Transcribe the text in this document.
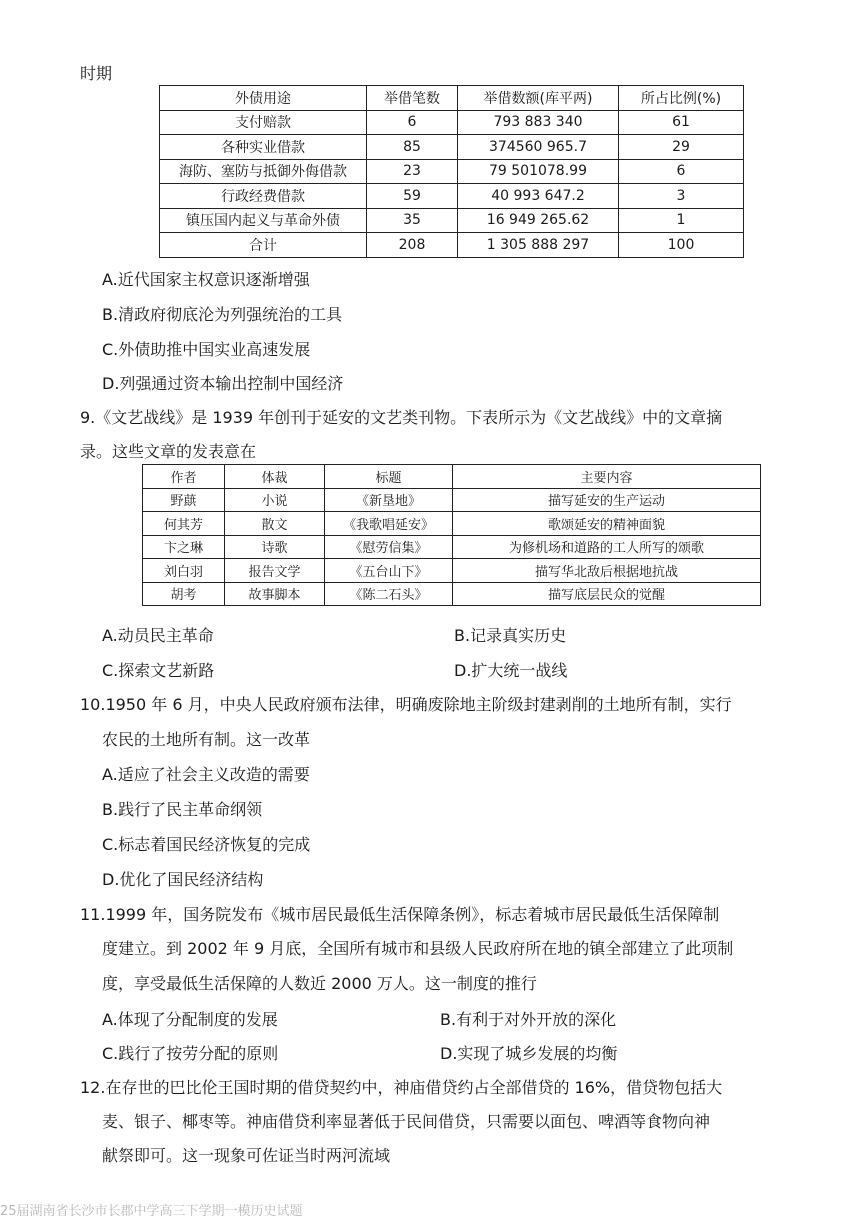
时期
外债用途	举借笔数	举借数额(库平两)	所占比例(%)
支付赔款	6	793 883 340	61
各种实业借款	85	374560 965.7	29
海防、塞防与抵御外侮借款	23	79 501078.99	6
行政经费借款	59	40 993 647.2	3
镇压国内起义与革命外债	35	16 949 265.62	1
合计	208	1 305 888 297	100
A.近代国家主权意识逐渐增强
B.清政府彻底沦为列强统治的工具
C.外债助推中国实业高速发展
D.列强通过资本输出控制中国经济
9.《文艺战线》是 1939 年创刊于延安的文艺类刊物。下表所示为《文艺战线》中的文章摘
录。这些文章的发表意在
作者	体裁	标题	主要内容
野蕻	小说	《新垦地》	描写延安的生产运动
何其芳	散文	《我歌唱延安》	歌颂延安的精神面貌
卞之琳	诗歌	《慰劳信集》	为修机场和道路的工人所写的颂歌
刘白羽	报告文学	《五台山下》	描写华北敌后根据地抗战
胡考	故事脚本	《陈二石头》	描写底层民众的觉醒
A.动员民主革命	B.记录真实历史
C.探索文艺新路	D.扩大统一战线
10.1950 年 6 月，中央人民政府颁布法律，明确废除地主阶级封建剥削的土地所有制，实行
农民的土地所有制。这一改革
A.适应了社会主义改造的需要
B.践行了民主革命纲领
C.标志着国民经济恢复的完成
D.优化了国民经济结构
11.1999 年，国务院发布《城市居民最低生活保障条例》，标志着城市居民最低生活保障制
度建立。到 2002 年 9 月底，全国所有城市和县级人民政府所在地的镇全部建立了此项制
度，享受最低生活保障的人数近 2000 万人。这一制度的推行
A.体现了分配制度的发展	B.有利于对外开放的深化
C.践行了按劳分配的原则	D.实现了城乡发展的均衡
12.在存世的巴比伦王国时期的借贷契约中，神庙借贷约占全部借贷的 16%，借贷物包括大
麦、银子、椰枣等。神庙借贷利率显著低于民间借贷，只需要以面包、啤酒等食物向神
献祭即可。这一现象可佐证当时两河流域
25届湖南省长沙市长郡中学高三下学期一模历史试题
